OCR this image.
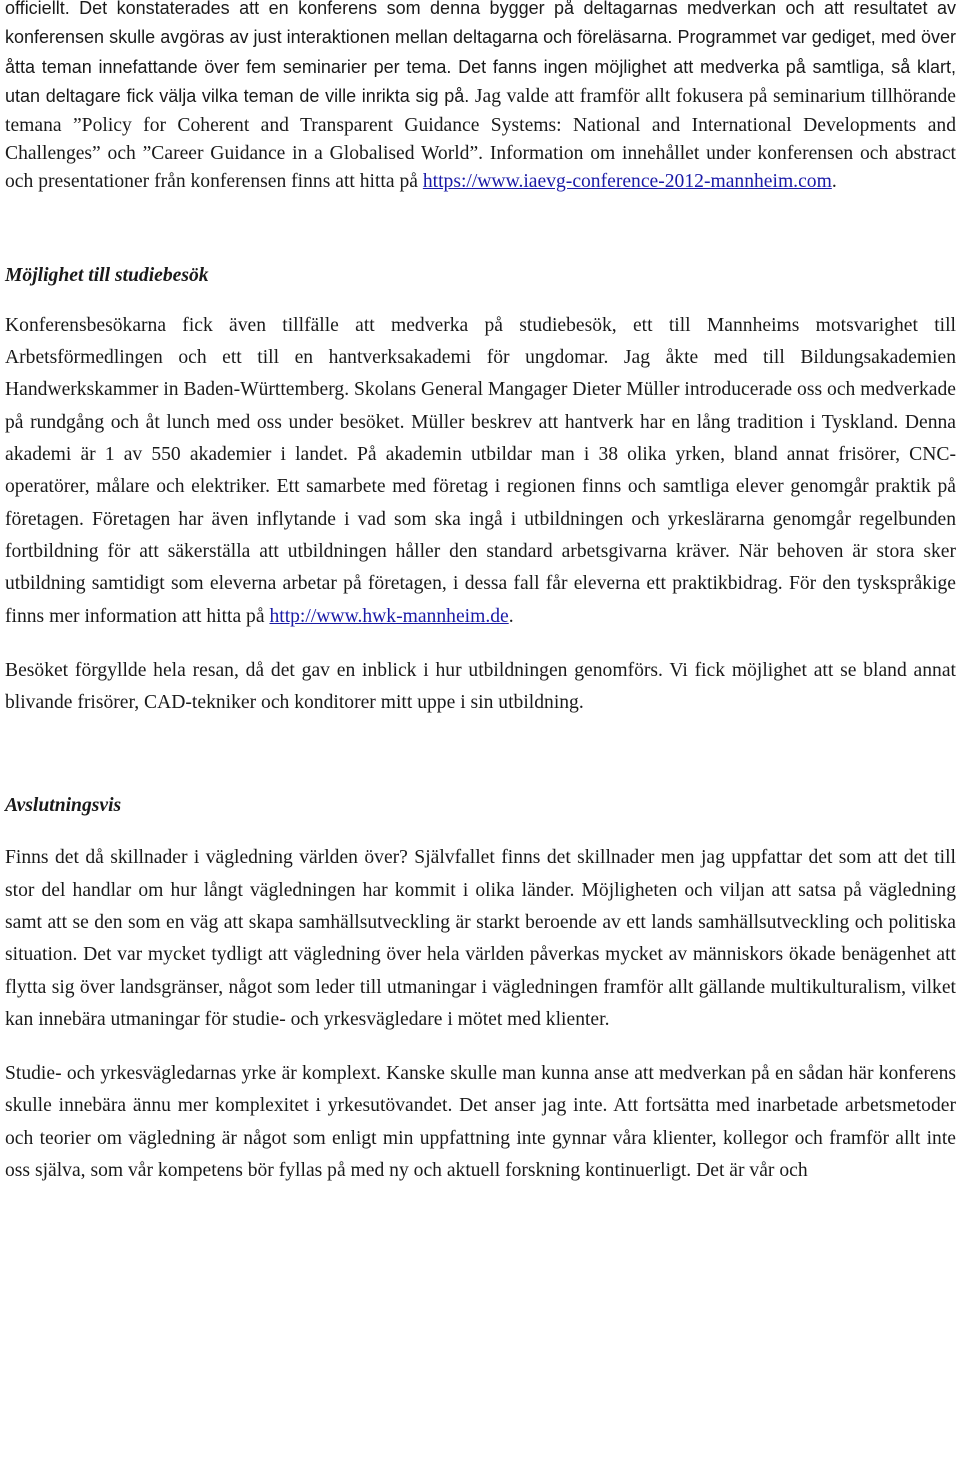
officiellt. Det konstaterades att en konferens som denna bygger på deltagarnas medverkan och att resultatet av konferensen skulle avgöras av just interaktionen mellan deltagarna och föreläsarna. Programmet var gediget, med över åtta teman innefattande över fem seminarier per tema. Det fanns ingen möjlighet att medverka på samtliga, så klart, utan deltagare fick välja vilka teman de ville inrikta sig på. Jag valde att framför allt fokusera på seminarium tillhörande temana ”Policy for Coherent and Transparent Guidance Systems: National and International Developments and Challenges” och ”Career Guidance in a Globalised World”. Information om innehållet under konferensen och abstract och presentationer från konferensen finns att hitta på https://www.iaevg-conference-2012-mannheim.com.

Möjlighet till studiebesök

Konferensbesökarna fick även tillfälle att medverka på studiebesök, ett till Mannheims motsvarighet till Arbetsförmedlingen och ett till en hantverksakademi för ungdomar. Jag åkte med till Bildungsakademien Handwerkskammer in Baden-Württemberg. Skolans General Mangager Dieter Müller introducerade oss och medverkade på rundgång och åt lunch med oss under besöket. Müller beskrev att hantverk har en lång tradition i Tyskland. Denna akademi är 1 av 550 akademier i landet. På akademin utbildar man i 38 olika yrken, bland annat frisörer, CNC-operatörer, målare och elektriker. Ett samarbete med företag i regionen finns och samtliga elever genomgår praktik på företagen. Företagen har även inflytande i vad som ska ingå i utbildningen och yrkeslärarna genomgår regelbunden fortbildning för att säkerställa att utbildningen håller den standard arbetsgivarna kräver. När behoven är stora sker utbildning samtidigt som eleverna arbetar på företagen, i dessa fall får eleverna ett praktikbidrag. För den tyskspråkige finns mer information att hitta på http://www.hwk-mannheim.de.

Besöket förgyllde hela resan, då det gav en inblick i hur utbildningen genomförs. Vi fick möjlighet att se bland annat blivande frisörer, CAD-tekniker och konditorer mitt uppe i sin utbildning.

Avslutningsvis

Finns det då skillnader i vägledning världen över? Självfallet finns det skillnader men jag uppfattar det som att det till stor del handlar om hur långt vägledningen har kommit i olika länder. Möjligheten och viljan att satsa på vägledning samt att se den som en väg att skapa samhällsutveckling är starkt beroende av ett lands samhällsutveckling och politiska situation. Det var mycket tydligt att vägledning över hela världen påverkas mycket av människors ökade benägenhet att flytta sig över landsgränser, något som leder till utmaningar i vägledningen framför allt gällande multikulturalism, vilket kan innebära utmaningar för studie- och yrkesvägledare i mötet med klienter.

Studie- och yrkesvägledarnas yrke är komplext. Kanske skulle man kunna anse att medverkan på en sådan här konferens skulle innebära ännu mer komplexitet i yrkesutövandet. Det anser jag inte. Att fortsätta med inarbetade arbetsmetoder och teorier om vägledning är något som enligt min uppfattning inte gynnar våra klienter, kollegor och framför allt inte oss själva, som vår kompetens bör fyllas på med ny och aktuell forskning kontinuerligt. Det är vår och
